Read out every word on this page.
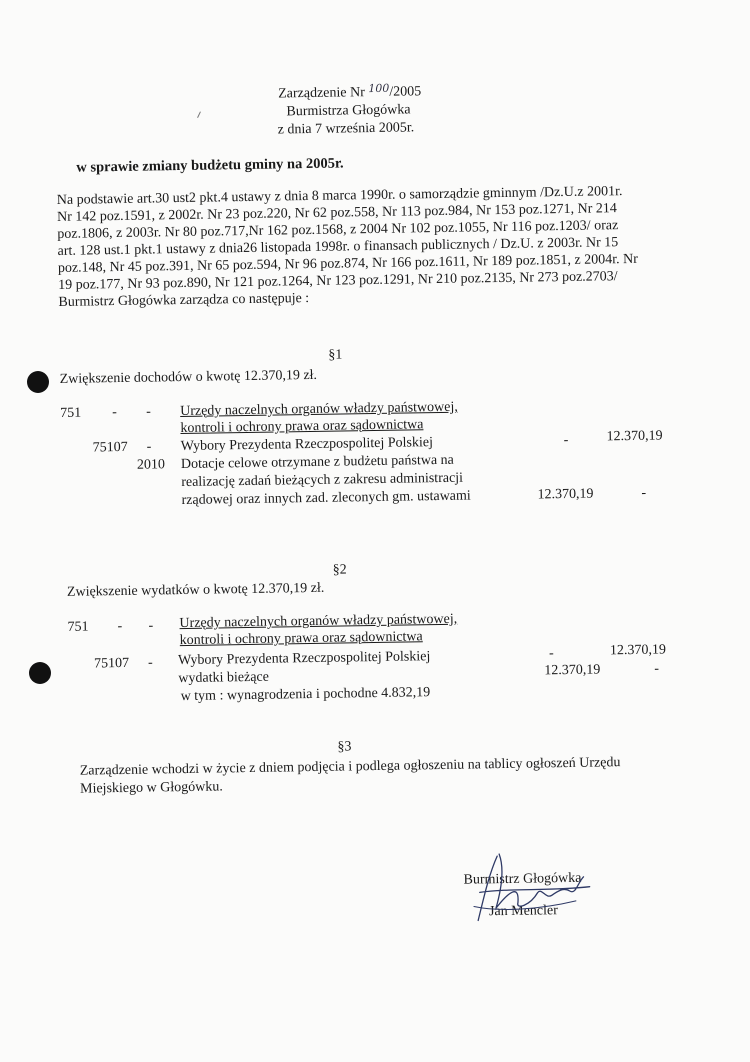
Zarządzenie Nr $^{100}$/2005
Burmistrza Głogówka
z dnia 7 września 2005r.
w sprawie zmiany budżetu gminy na 2005r.
Na podstawie art.30 ust2 pkt.4 ustawy z dnia 8 marca 1990r. o samorządzie gminnym /Dz.U.z 2001r.
Nr 142 poz.1591, z 2002r. Nr 23 poz.220, Nr 62 poz.558, Nr 113 poz.984, Nr 153 poz.1271, Nr 214
poz.1806, z 2003r. Nr 80 poz.717,Nr 162 poz.1568, z 2004 Nr 102 poz.1055, Nr 116 poz.1203/ oraz
art. 128 ust.1 pkt.1 ustawy z dnia26 listopada 1998r. o finansach publicznych / Dz.U. z 2003r. Nr 15
poz.148, Nr 45 poz.391, Nr 65 poz.594, Nr 96 poz.874, Nr 166 poz.1611, Nr 189 poz.1851, z 2004r. Nr
19 poz.177, Nr 93 poz.890, Nr 121 poz.1264, Nr 123 poz.1291, Nr 210 poz.2135, Nr 273 poz.2703/
Burmistrz Głogówka zarządza co następuje :
§1
Zwiększenie dochodów o kwotę 12.370,19 zł.
751 - - Urzędy naczelnych organów władzy państwowej,
kontroli i ochrony prawa oraz sądownictwa
75107 - Wybory Prezydenta Rzeczpospolitej Polskiej	-	12.370,19
2010 Dotacje celowe otrzymane z budżetu państwa na
realizację zadań bieżących z zakresu administracji
rządowej oraz innych zad. zleconych gm. ustawami	12.370,19	-
§2
Zwiększenie wydatków o kwotę 12.370,19 zł.
751 - - Urzędy naczelnych organów władzy państwowej,
kontroli i ochrony prawa oraz sądownictwa
75107 - Wybory Prezydenta Rzeczpospolitej Polskiej	-	12.370,19
wydatki bieżące	12.370,19	-
w tym : wynagrodzenia i pochodne 4.832,19
§3
Zarządzenie wchodzi w życie z dniem podjęcia i podlega ogłoszeniu na tablicy ogłoszeń Urzędu
Miejskiego w Głogówku.
Burmistrz Głogówka
Jan Mencler
